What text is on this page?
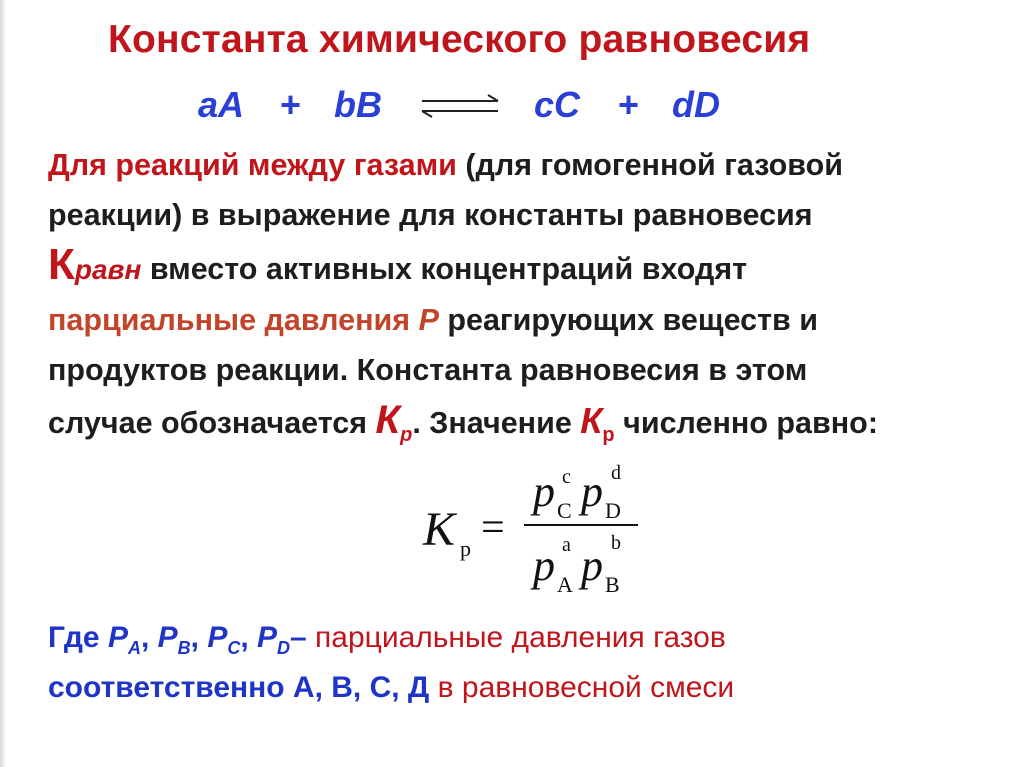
Константа химического равновесия
aA + bB ⇌ cC + dD
Для реакций между газами (для гомогенной газовой
реакции) в выражение для константы равновесия
Кравн вместо активных концентраций входят
парциальные давления P реагирующих веществ и
продуктов реакции. Константа равновесия в этом
случае обозначается $К_p$. Значение $К_р$ численно равно:
K p =
p C
c p D
d
p A
a p B
b
Где $P_A$, $P_B$, $P_C$, $P_D-$ парциальные давления газов
соответственно А, В, С, Д в равновесной смеси
